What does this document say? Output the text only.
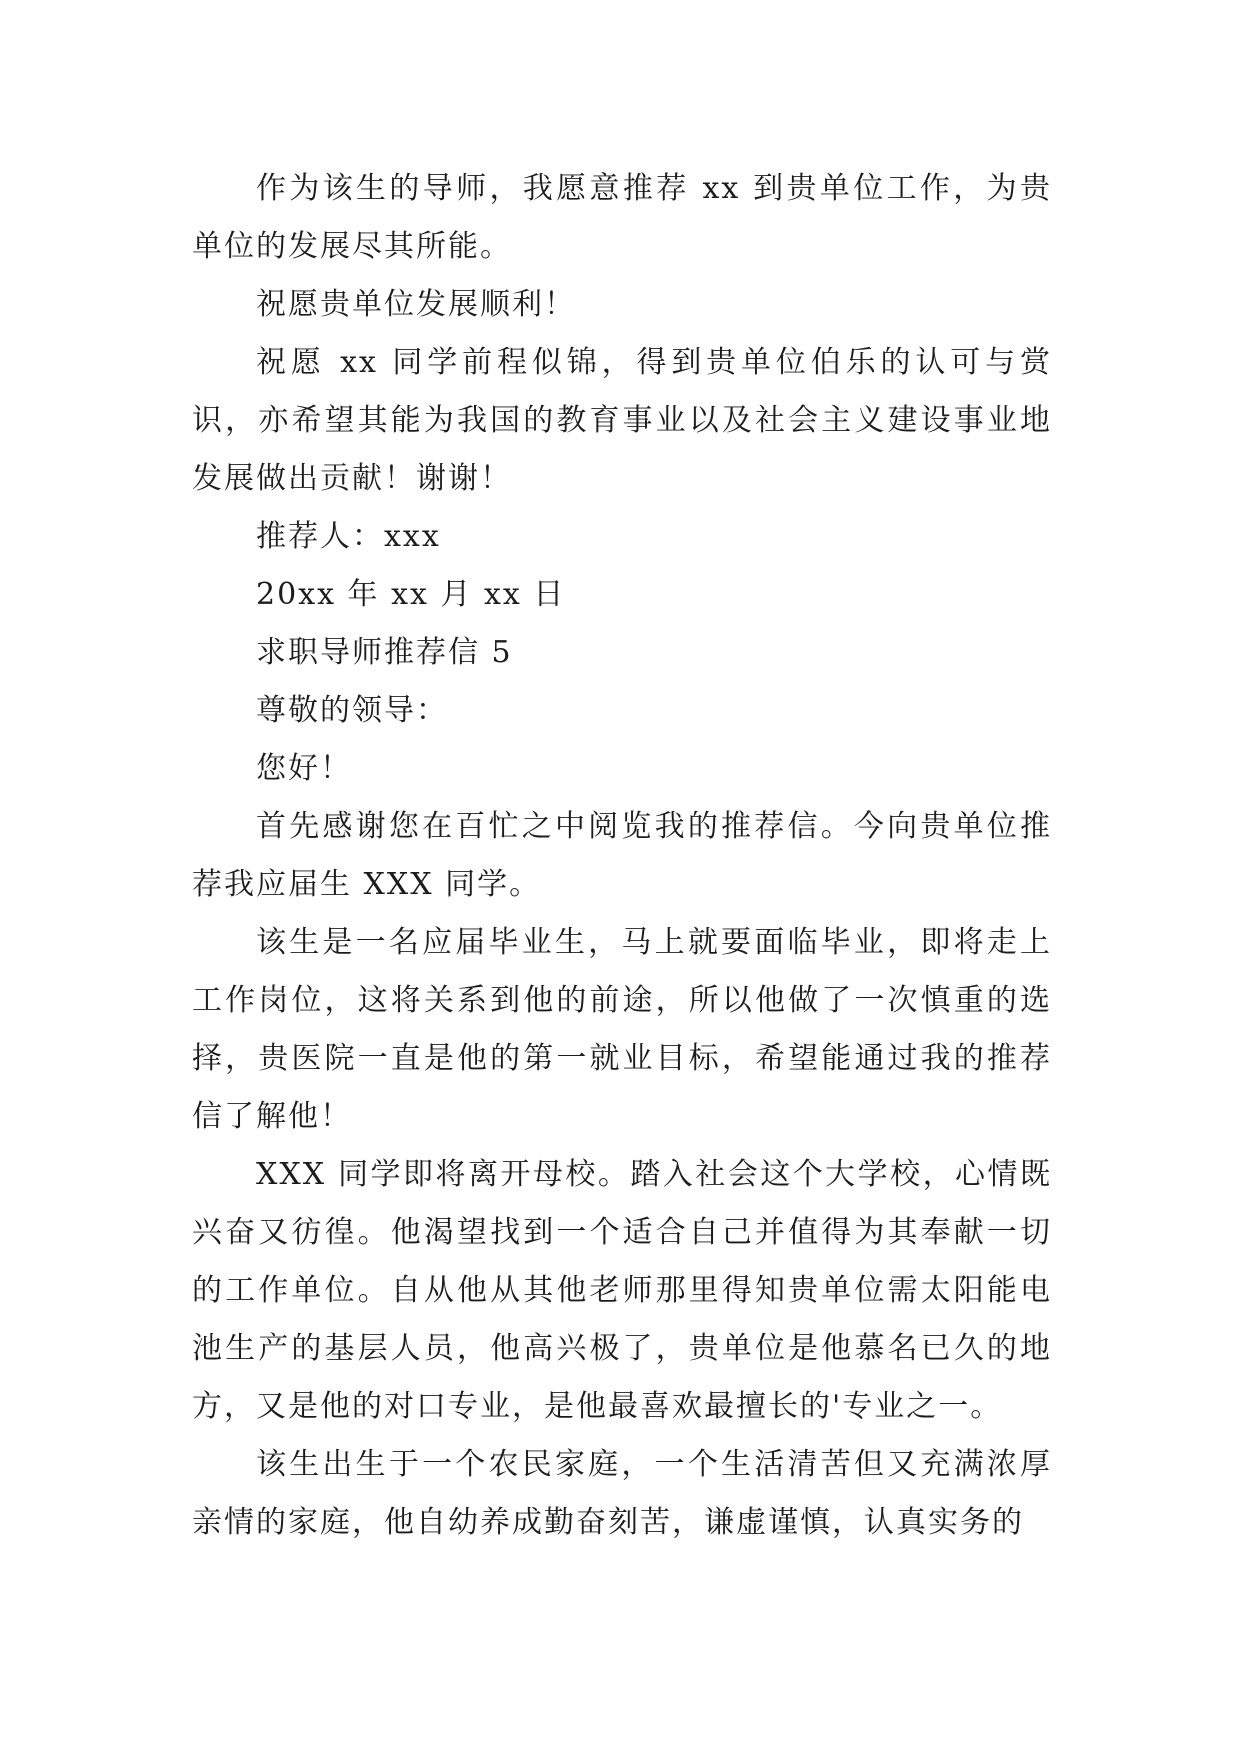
作为该生的导师，我愿意推荐 xx 到贵单位工作，为贵单位的发展尽其所能。

祝愿贵单位发展顺利！

祝愿 xx 同学前程似锦，得到贵单位伯乐的认可与赏识，亦希望其能为我国的教育事业以及社会主义建设事业地发展做出贡献！谢谢！

推荐人：xxx

20xx 年 xx 月 xx 日

求职导师推荐信 5

尊敬的领导：

您好！

首先感谢您在百忙之中阅览我的推荐信。今向贵单位推荐我应届生 XXX 同学。

该生是一名应届毕业生，马上就要面临毕业，即将走上工作岗位，这将关系到他的前途，所以他做了一次慎重的选择，贵医院一直是他的第一就业目标，希望能通过我的推荐信了解他！

XXX 同学即将离开母校。踏入社会这个大学校，心情既兴奋又彷徨。他渴望找到一个适合自己并值得为其奉献一切的工作单位。自从他从其他老师那里得知贵单位需太阳能电池生产的基层人员，他高兴极了，贵单位是他慕名已久的地方，又是他的对口专业，是他最喜欢最擅长的'专业之一。

该生出生于一个农民家庭，一个生活清苦但又充满浓厚亲情的家庭，他自幼养成勤奋刻苦，谦虚谨慎，认真实务的
